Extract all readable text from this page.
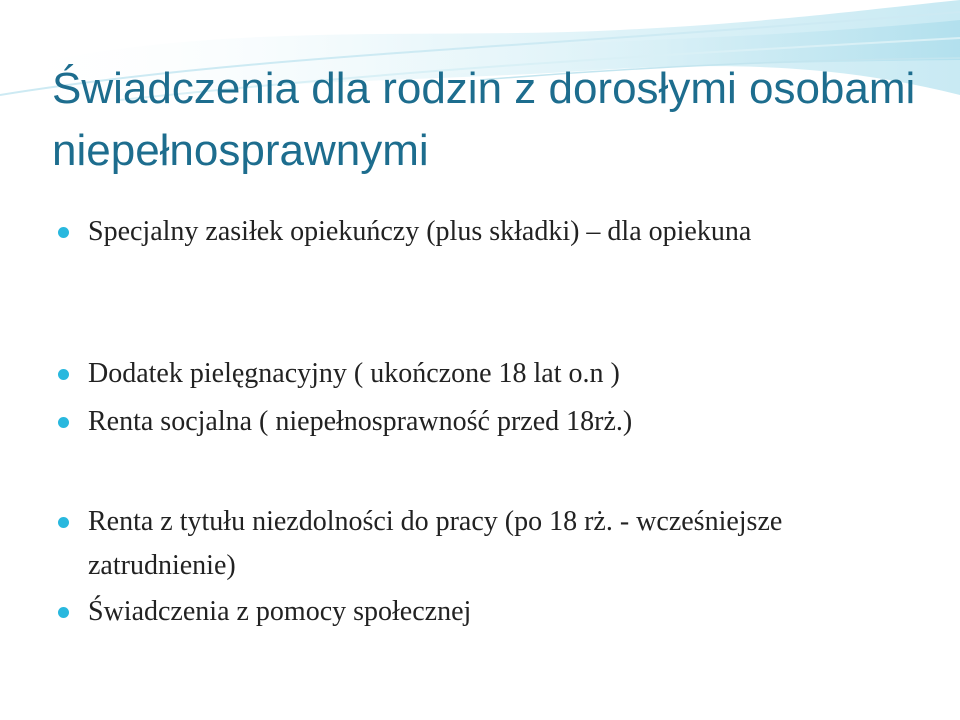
Świadczenia dla rodzin z dorosłymi osobami niepełnosprawnymi

Specjalny zasiłek opiekuńczy (plus składki) – dla opiekuna

Dodatek pielęgnacyjny ( ukończone 18 lat o.n )

Renta socjalna ( niepełnosprawność przed 18rż.)

Renta z tytułu niezdolności do pracy (po 18 rż. - wcześniejsze zatrudnienie)

Świadczenia z pomocy społecznej
